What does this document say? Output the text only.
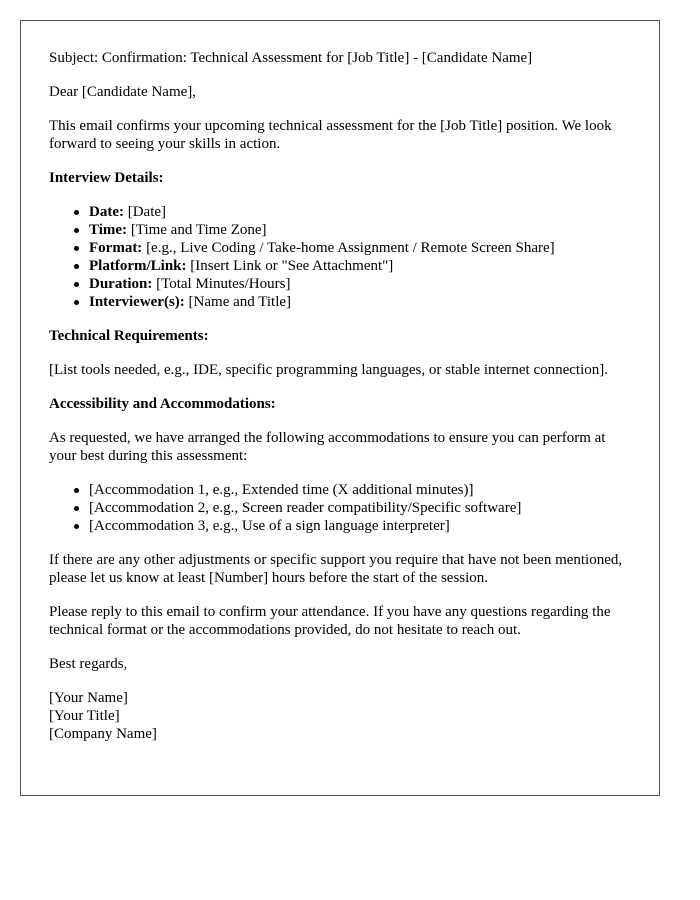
Subject: Confirmation: Technical Assessment for [Job Title] - [Candidate Name]

Dear [Candidate Name],

This email confirms your upcoming technical assessment for the [Job Title] position. We look forward to seeing your skills in action.

Interview Details:

Date: [Date]
Time: [Time and Time Zone]
Format: [e.g., Live Coding / Take-home Assignment / Remote Screen Share]
Platform/Link: [Insert Link or "See Attachment"]
Duration: [Total Minutes/Hours]
Interviewer(s): [Name and Title]

Technical Requirements:

[List tools needed, e.g., IDE, specific programming languages, or stable internet connection].

Accessibility and Accommodations:

As requested, we have arranged the following accommodations to ensure you can perform at your best during this assessment:

[Accommodation 1, e.g., Extended time (X additional minutes)]
[Accommodation 2, e.g., Screen reader compatibility/Specific software]
[Accommodation 3, e.g., Use of a sign language interpreter]

If there are any other adjustments or specific support you require that have not been mentioned, please let us know at least [Number] hours before the start of the session.

Please reply to this email to confirm your attendance. If you have any questions regarding the technical format or the accommodations provided, do not hesitate to reach out.

Best regards,

[Your Name]
[Your Title]
[Company Name]
